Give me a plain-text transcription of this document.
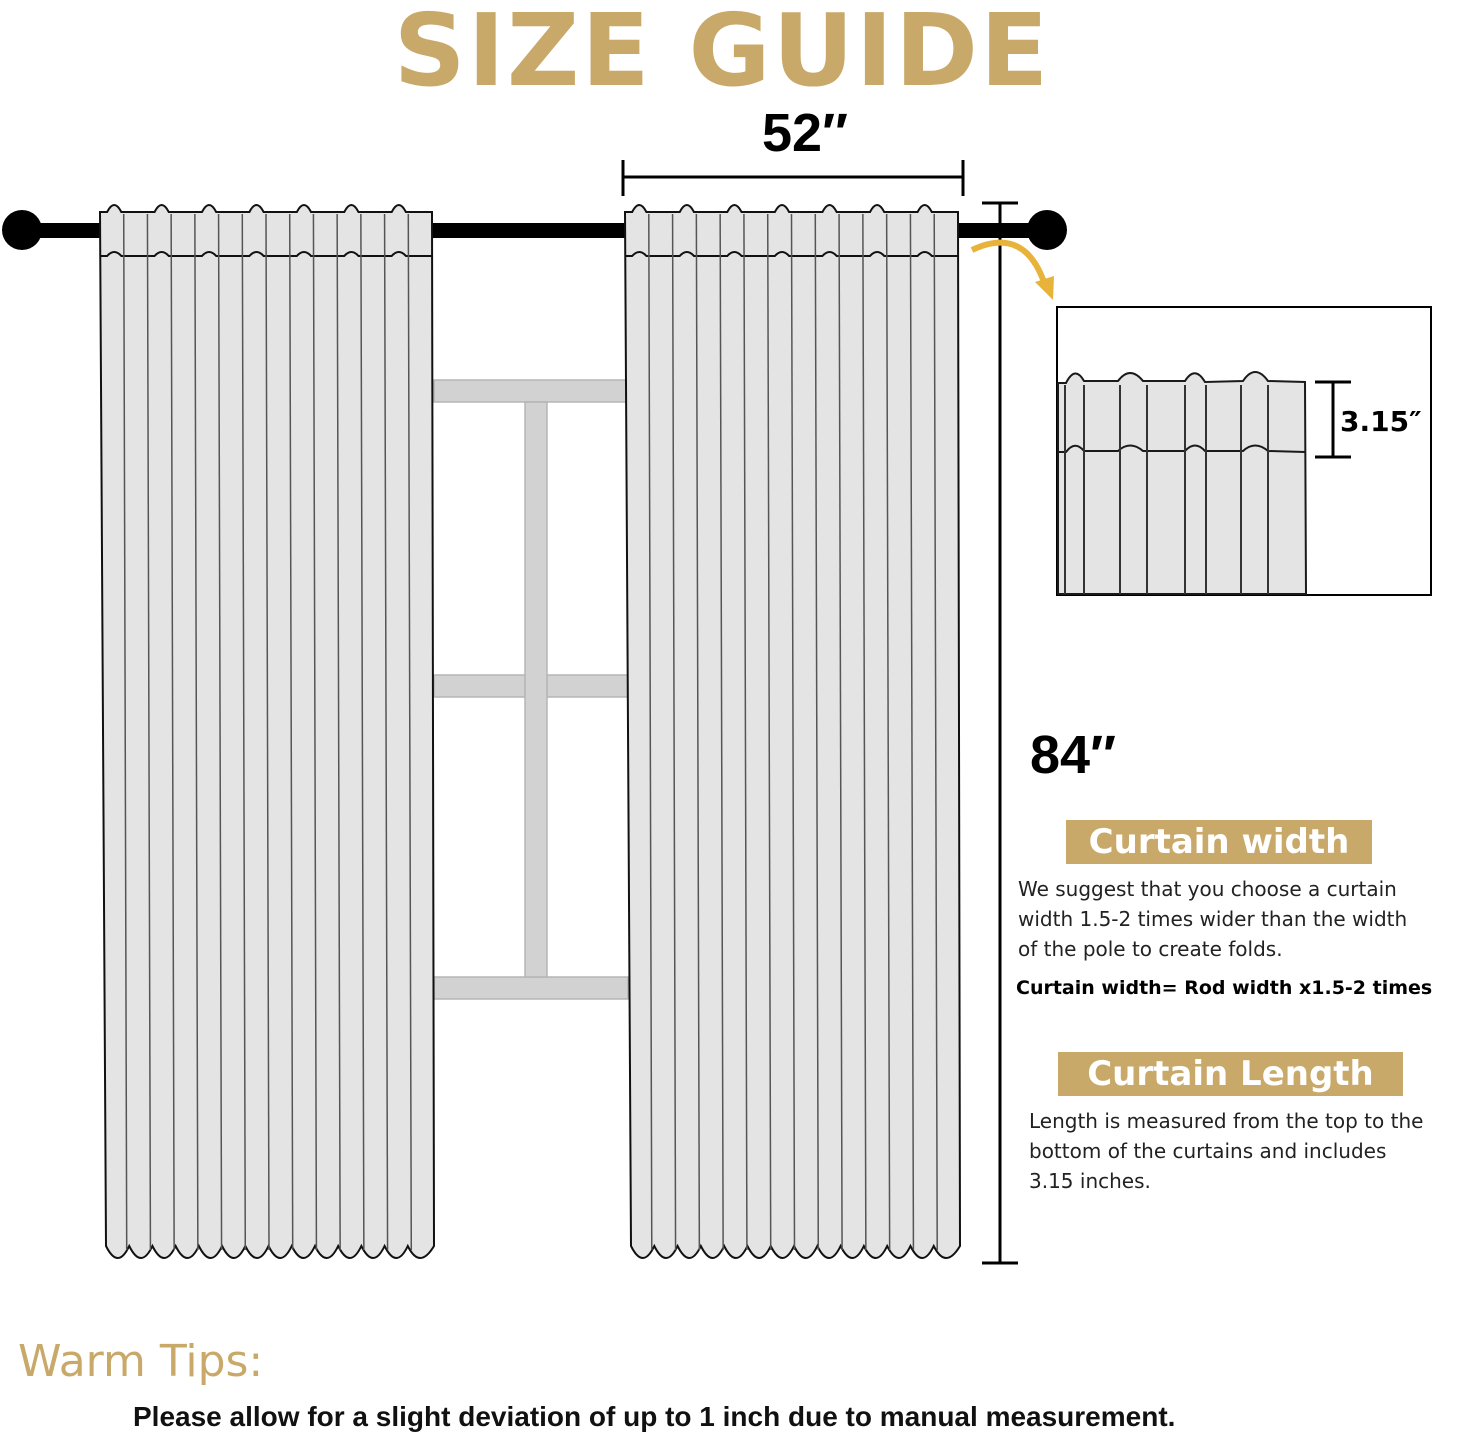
SIZE GUIDE
52″
84″
3.15″
Curtain width
We suggest that you choose a curtain
width 1.5-2 times wider than the width
of the pole to create folds.
Curtain width= Rod width x1.5-2 times
Curtain Length
Length is measured from the top to the
bottom of the curtains and includes
3.15 inches.
Warm Tips:
Please allow for a slight deviation of up to 1 inch due to manual measurement.
